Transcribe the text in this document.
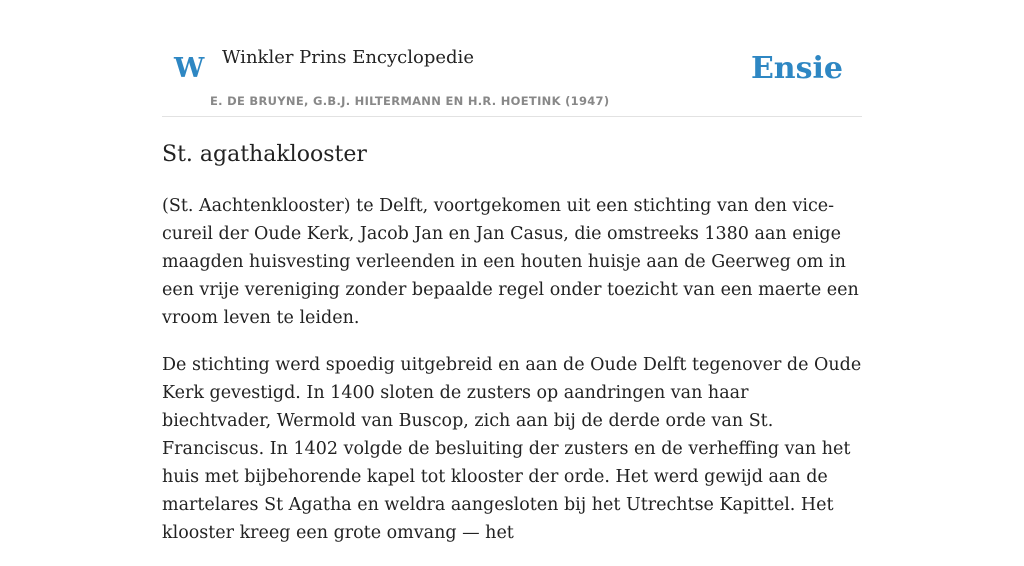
W Winkler Prins Encyclopedie
E. DE BRUYNE, G.B.J. HILTERMANN EN H.R. HOETINK (1947)
Ensie
St. agathaklooster

(St. Aachtenklooster) te Delft, voortgekomen uit een stichting van den vice-cureil der Oude Kerk, Jacob Jan en Jan Casus, die omstreeks 1380 aan enige maagden huisvesting verleenden in een houten huisje aan de Geerweg om in een vrije vereniging zonder bepaalde regel onder toezicht van een maerte een vroom leven te leiden.

De stichting werd spoedig uitgebreid en aan de Oude Delft tegenover de Oude Kerk gevestigd. In 1400 sloten de zusters op aandringen van haar biechtvader, Wermold van Buscop, zich aan bij de derde orde van St. Franciscus. In 1402 volgde de besluiting der zusters en de verheffing van het huis met bijbehorende kapel tot klooster der orde. Het werd gewijd aan de martelares St Agatha en weldra aangesloten bij het Utrechtse Kapittel. Het klooster kreeg een grote omvang — het
